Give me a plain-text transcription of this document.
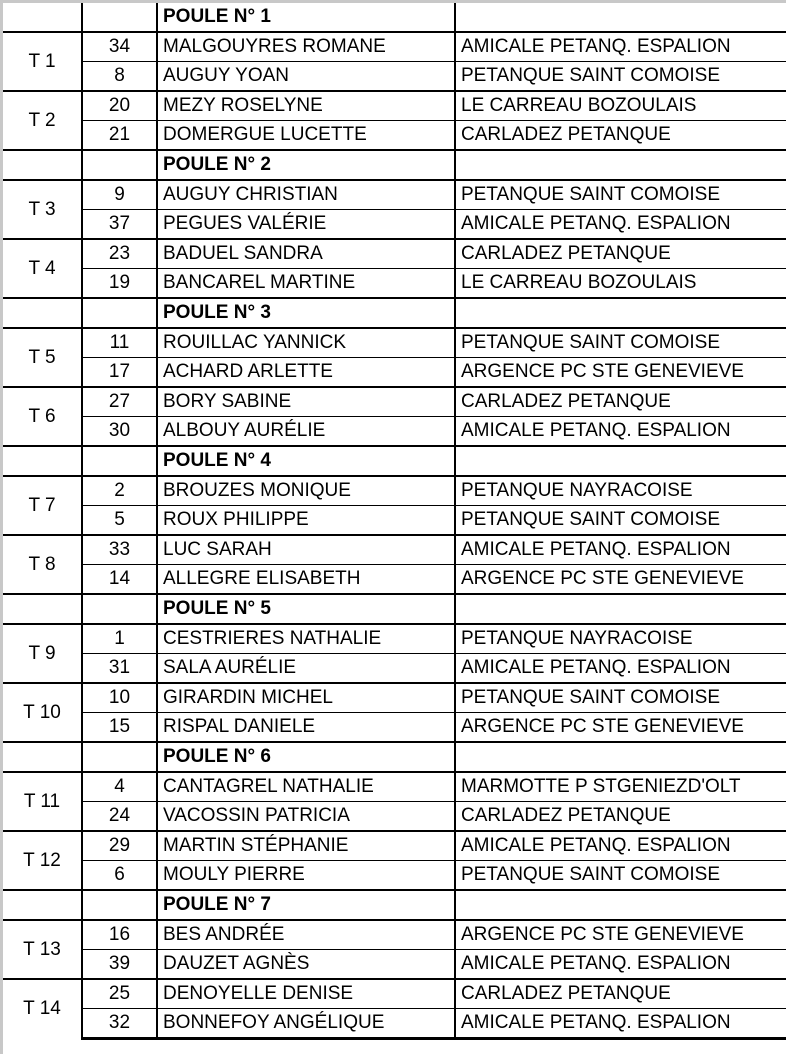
		POULE N° 1	
T 1	34	MALGOUYRES ROMANE	AMICALE PETANQ. ESPALION
	8	AUGUY YOAN	PETANQUE SAINT COMOISE
T 2	20	MEZY ROSELYNE	LE CARREAU BOZOULAIS
	21	DOMERGUE LUCETTE	CARLADEZ PETANQUE
		POULE N° 2	
T 3	9	AUGUY CHRISTIAN	PETANQUE SAINT COMOISE
	37	PEGUES VALÉRIE	AMICALE PETANQ. ESPALION
T 4	23	BADUEL SANDRA	CARLADEZ PETANQUE
	19	BANCAREL MARTINE	LE CARREAU BOZOULAIS
		POULE N° 3	
T 5	11	ROUILLAC YANNICK	PETANQUE SAINT COMOISE
	17	ACHARD ARLETTE	ARGENCE PC STE GENEVIEVE
T 6	27	BORY SABINE	CARLADEZ PETANQUE
	30	ALBOUY AURÉLIE	AMICALE PETANQ. ESPALION
		POULE N° 4	
T 7	2	BROUZES MONIQUE	PETANQUE NAYRACOISE
	5	ROUX PHILIPPE	PETANQUE SAINT COMOISE
T 8	33	LUC SARAH	AMICALE PETANQ. ESPALION
	14	ALLEGRE ELISABETH	ARGENCE PC STE GENEVIEVE
		POULE N° 5	
T 9	1	CESTRIERES NATHALIE	PETANQUE NAYRACOISE
	31	SALA AURÉLIE	AMICALE PETANQ. ESPALION
T 10	10	GIRARDIN MICHEL	PETANQUE SAINT COMOISE
	15	RISPAL DANIELE	ARGENCE PC STE GENEVIEVE
		POULE N° 6	
T 11	4	CANTAGREL NATHALIE	MARMOTTE P STGENIEZD'OLT
	24	VACOSSIN PATRICIA	CARLADEZ PETANQUE
T 12	29	MARTIN STÉPHANIE	AMICALE PETANQ. ESPALION
	6	MOULY PIERRE	PETANQUE SAINT COMOISE
		POULE N° 7	
T 13	16	BES ANDRÉE	ARGENCE PC STE GENEVIEVE
	39	DAUZET AGNÈS	AMICALE PETANQ. ESPALION
T 14	25	DENOYELLE DENISE	CARLADEZ PETANQUE
	32	BONNEFOY ANGÉLIQUE	AMICALE PETANQ. ESPALION
